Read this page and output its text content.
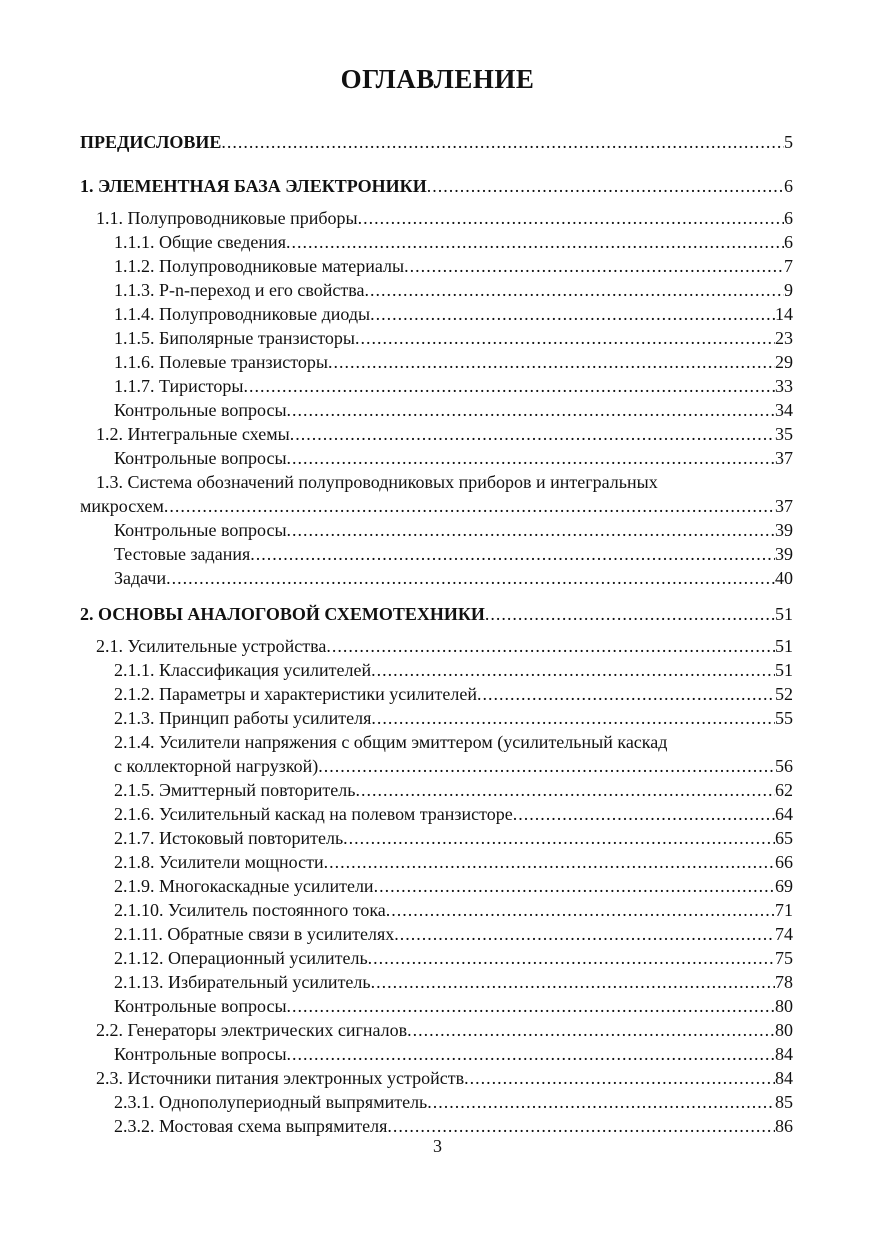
ОГЛАВЛЕНИЕ
ПРЕДИСЛОВИЕ .....	5
1. ЭЛЕМЕНТНАЯ БАЗА ЭЛЕКТРОНИКИ .....	6
1.1. Полупроводниковые приборы .....	6
1.1.1. Общие сведения .....	6
1.1.2. Полупроводниковые материалы .....	7
1.1.3. P-n-переход и его свойства .....	9
1.1.4. Полупроводниковые диоды .....	14
1.1.5. Биполярные транзисторы .....	23
1.1.6. Полевые транзисторы .....	29
1.1.7. Тиристоры .....	33
Контрольные вопросы .....	34
1.2. Интегральные схемы .....	35
Контрольные вопросы .....	37
1.3. Система обозначений полупроводниковых приборов и интегральных
микросхем .....	37
Контрольные вопросы .....	39
Тестовые задания .....	39
Задачи .....	40
2. ОСНОВЫ АНАЛОГОВОЙ СХЕМОТЕХНИКИ .....	51
2.1. Усилительные устройства .....	51
2.1.1. Классификация усилителей .....	51
2.1.2. Параметры и характеристики усилителей .....	52
2.1.3. Принцип работы усилителя .....	55
2.1.4. Усилители напряжения с общим эмиттером (усилительный каскад
с коллекторной нагрузкой) .....	56
2.1.5. Эмиттерный повторитель .....	62
2.1.6. Усилительный каскад на полевом транзисторе .....	64
2.1.7. Истоковый повторитель .....	65
2.1.8. Усилители мощности .....	66
2.1.9. Многокаскадные усилители .....	69
2.1.10. Усилитель постоянного тока .....	71
2.1.11. Обратные связи в усилителях .....	74
2.1.12. Операционный усилитель .....	75
2.1.13. Избирательный усилитель .....	78
Контрольные вопросы .....	80
2.2. Генераторы электрических сигналов .....	80
Контрольные вопросы .....	84
2.3. Источники питания электронных устройств .....	84
2.3.1. Однополупериодный выпрямитель .....	85
2.3.2. Мостовая схема выпрямителя .....	86
3
